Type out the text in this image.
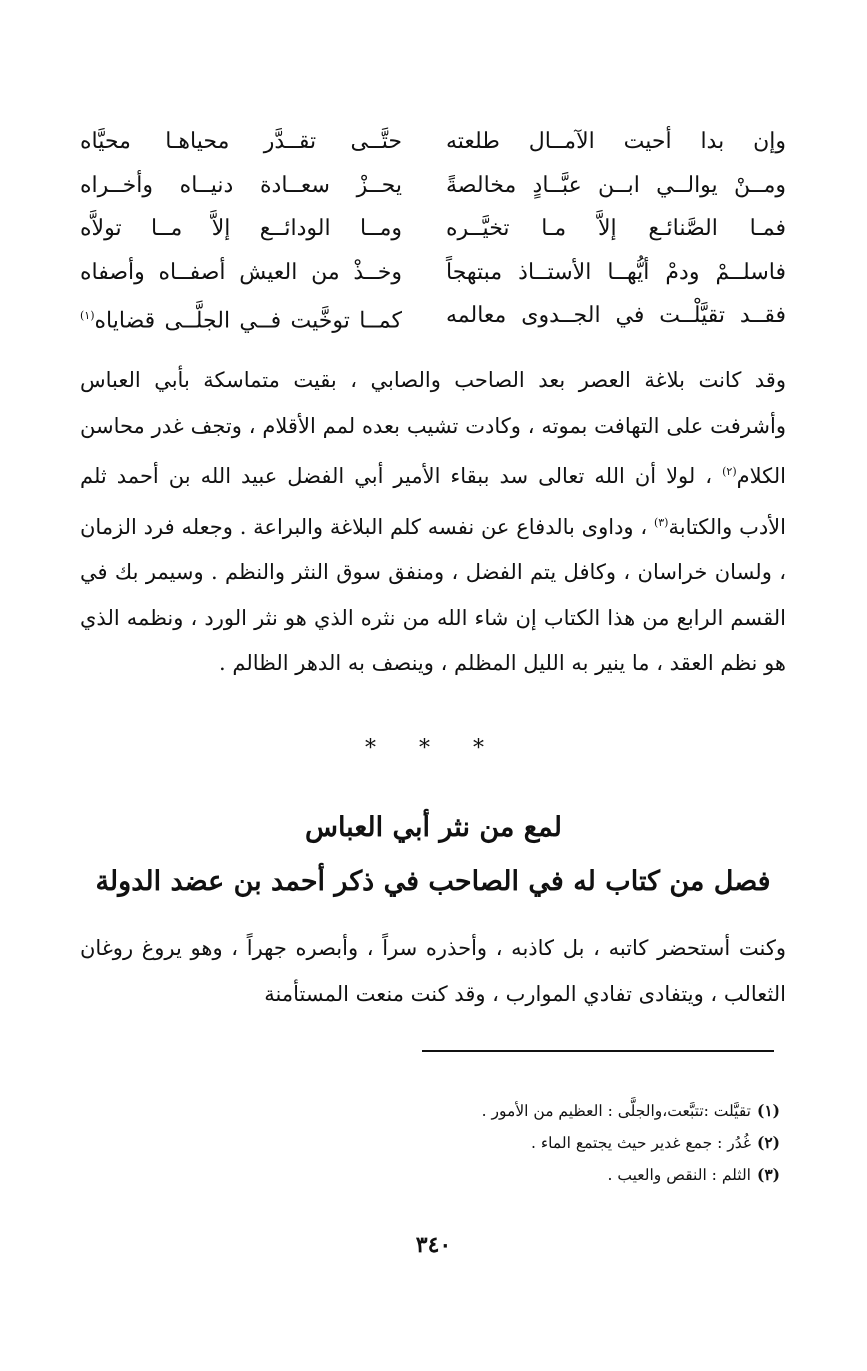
وإن بدا أحيت الآمــال طلعته
حتَّــى تقــدَّر محياهـا محيَّاه
ومــنْ يوالــي ابــن عبَّــادٍ مخالصةً
يحــزْ سعــادة دنيــاه وأخــراه
فمـا الصَّنائـع إلاَّ مـا تخيَّــره
ومــا الودائــع إلاَّ مــا تولاَّه
فاسلــمْ ودمْ أيُّهــا الأستــاذ مبتهجاً
وخــذْ من العيش أصفــاه وأصفاه
فقــد تقيَّلْــت في الجــدوى معالمه
كمــا توخَّيت فــي الجلَّــى قضاياه$^{(١)}$
وقد كانت بلاغة العصر بعد الصاحب والصابي ، بقيت متماسكة بأبي العباس وأشرفت على التهافت بموته ، وكادت تشيب بعده لمم الأقلام ، وتجف غدر محاسن الكلام$^{(٢)}$ ، لولا أن الله تعالى سد ببقاء الأمير أبي الفضل عبيد الله بن أحمد ثلم الأدب والكتابة$^{(٣)}$ ، وداوى بالدفاع عن نفسه كلم البلاغة والبراعة . وجعله فرد الزمان ، ولسان خراسان ، وكافل يتم الفضل ، ومنفق سوق النثر والنظم . وسيمر بك في القسم الرابع من هذا الكتاب إن شاء الله من نثره الذي هو نثر الورد ، ونظمه الذي هو نظم العقد ، ما ينير به الليل المظلم ، وينصف به الدهر الظالم .
* * *
لمع من نثر أبي العباس
فصل من كتاب له في الصاحب في ذكر أحمد بن عضد الدولة
وكنت أستحضر كاتبه ، بل كاذبه ، وأحذره سراً ، وأبصره جهراً ، وهو يروغ روغان الثعالب ، ويتفادى تفادي الموارب ، وقد كنت منعت المستأمنة
(١)تقيَّلت :تتبَّعت،والجلَّى : العظيم من الأمور .
(٢)غُدُر : جمع غدير حيث يجتمع الماء .
(٣)الثلم : النقص والعيب .
٣٤٠
